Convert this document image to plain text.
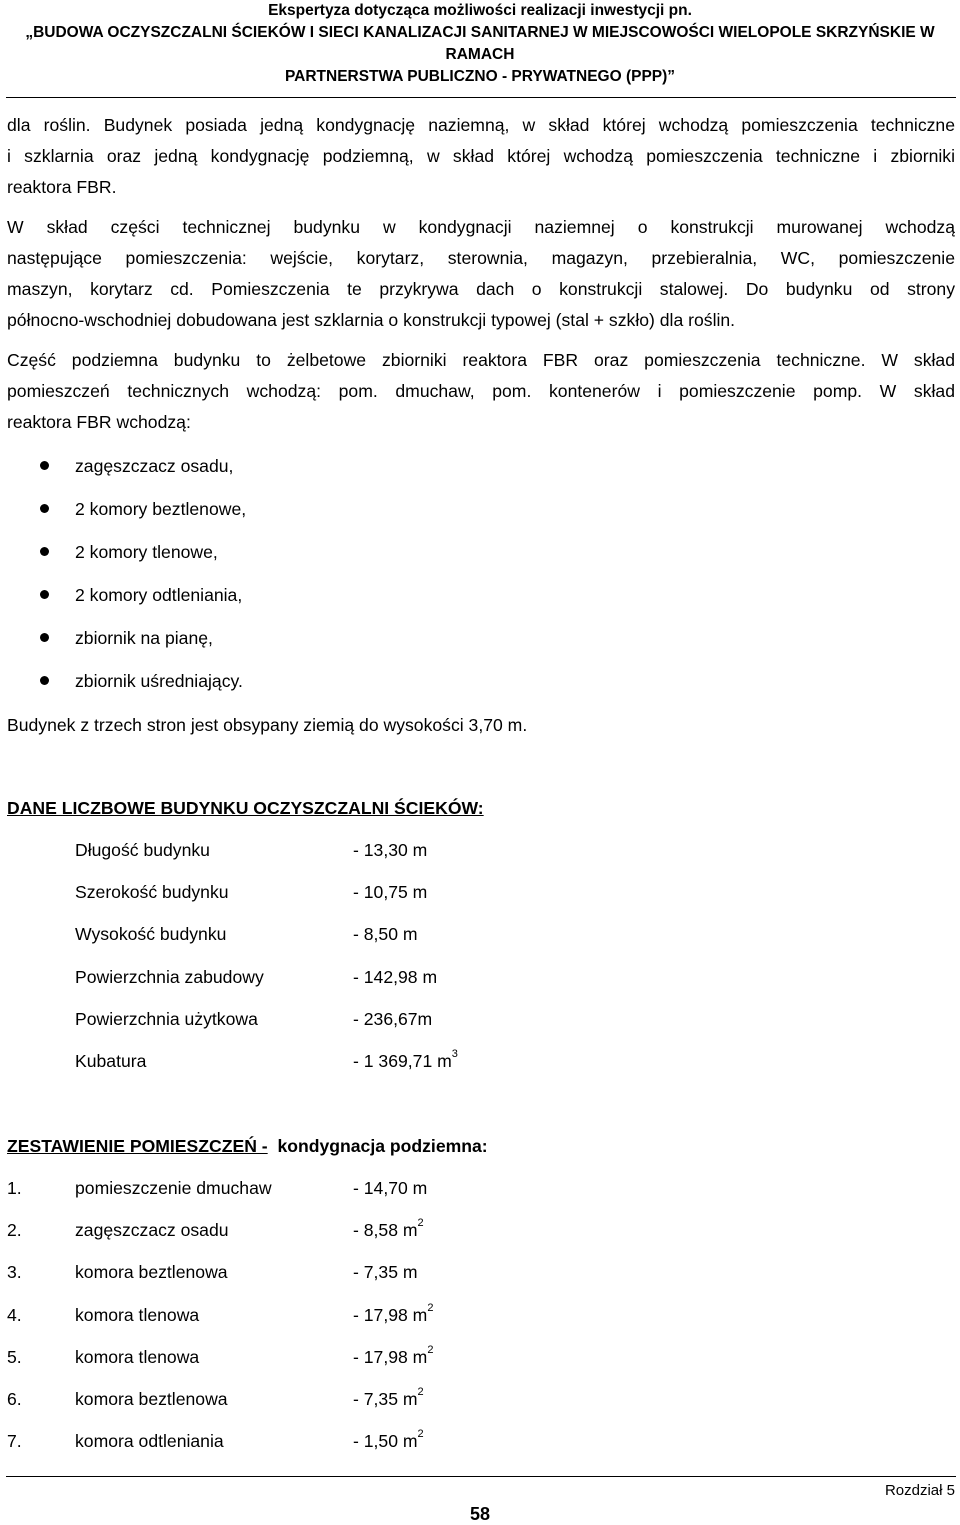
Ekspertyza dotycząca możliwości realizacji inwestycji pn.
„BUDOWA OCZYSZCZALNI ŚCIEKÓW I SIECI KANALIZACJI SANITARNEJ W MIEJSCOWOŚCI WIELOPOLE SKRZYŃSKIE W RAMACH
PARTNERSTWA PUBLICZNO - PRYWATNEGO (PPP)”
dla roślin. Budynek posiada jedną kondygnację naziemną, w skład której wchodzą pomieszczenia techniczne
i szklarnia oraz jedną kondygnację podziemną, w skład której wchodzą pomieszczenia techniczne i zbiorniki
reaktora FBR.
W skład części technicznej budynku w kondygnacji naziemnej o konstrukcji murowanej wchodzą
następujące pomieszczenia: wejście, korytarz, sterownia, magazyn, przebieralnia, WC, pomieszczenie
maszyn, korytarz cd. Pomieszczenia te przykrywa dach o konstrukcji stalowej. Do budynku od strony
północno-wschodniej dobudowana jest szklarnia o konstrukcji typowej (stal + szkło) dla roślin.
Część podziemna budynku to żelbetowe zbiorniki reaktora FBR oraz pomieszczenia techniczne. W skład
pomieszczeń technicznych wchodzą: pom. dmuchaw, pom. kontenerów i pomieszczenie pomp. W skład
reaktora FBR wchodzą:
zagęszczacz osadu,
2 komory beztlenowe,
2 komory tlenowe,
2 komory odtleniania,
zbiornik na pianę,
zbiornik uśredniający.
Budynek z trzech stron jest obsypany ziemią do wysokości 3,70 m.
DANE LICZBOWE BUDYNKU OCZYSZCZALNI ŚCIEKÓW:
Długość budynku	- 13,30 m
Szerokość budynku	- 10,75 m
Wysokość budynku	- 8,50 m
Powierzchnia zabudowy	- 142,98 m
Powierzchnia użytkowa	- 236,67m
Kubatura	- 1 369,71 $m^3$
ZESTAWIENIE POMIESZCZEŃ - kondygnacja podziemna:
1.	pomieszczenie dmuchaw	- 14,70 m
2.	zagęszczacz osadu	- 8,58 $m^2$
3.	komora beztlenowa	- 7,35 m
4.	komora tlenowa	- 17,98 $m^2$
5.	komora tlenowa	- 17,98 $m^2$
6.	komora beztlenowa	- 7,35 $m^2$
7.	komora odtleniania	- 1,50 $m^2$
Rozdział 5
58
